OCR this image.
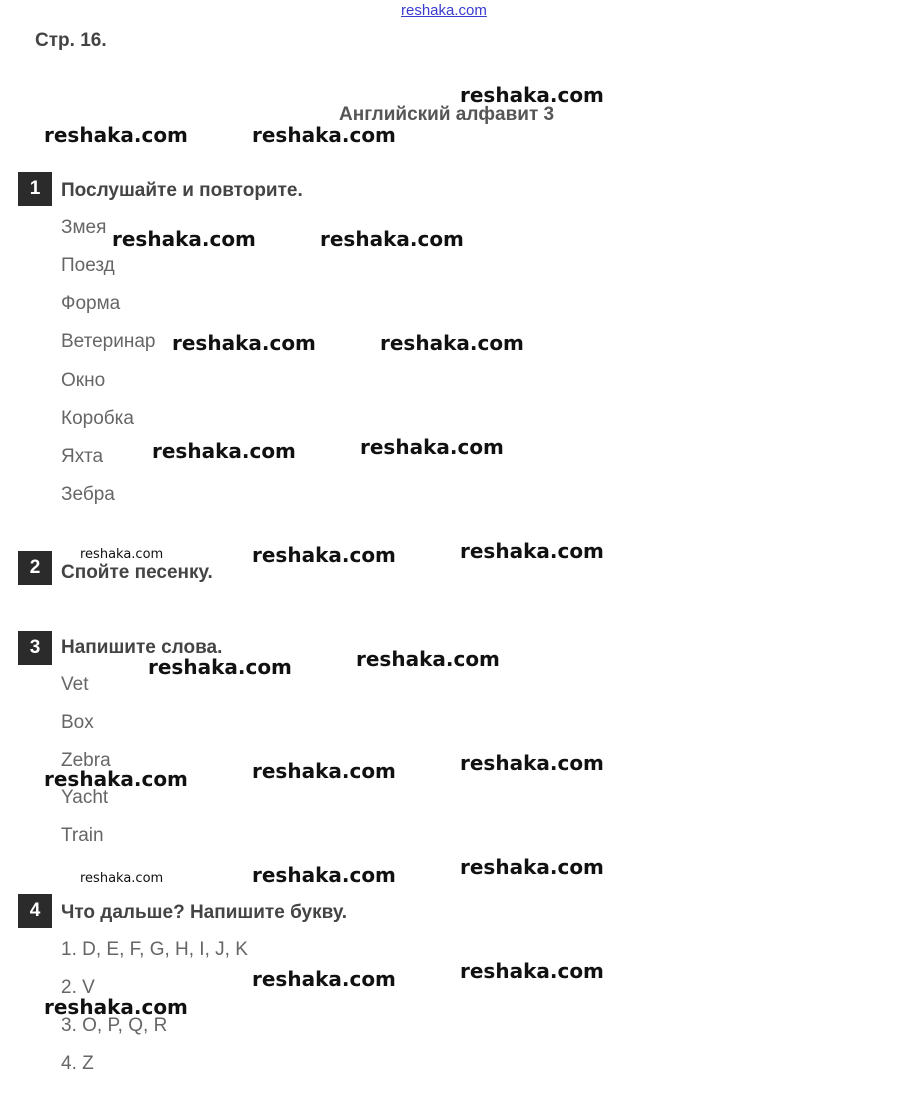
reshaka.com
Стр. 16.
Английский алфавит 3
1 Послушайте и повторите.
Змея
Поезд
Форма
Ветеринар
Окно
Коробка
Яхта
Зебра
2 Спойте песенку.
3 Напишите слова.
Vet
Box
Zebra
Yacht
Train
4 Что дальше? Напишите букву.
1. D, E, F, G, H, I, J, K
2. V
3. O, P, Q, R
4. Z
reshaka.com
reshaka.com	reshaka.com
reshaka.com	reshaka.com
reshaka.com	reshaka.com
reshaka.com	reshaka.com
reshaka.com	reshaka.com	reshaka.com
reshaka.com	reshaka.com
reshaka.com	reshaka.com	reshaka.com
reshaka.com	reshaka.com	reshaka.com
reshaka.com	reshaka.com
reshaka.com
